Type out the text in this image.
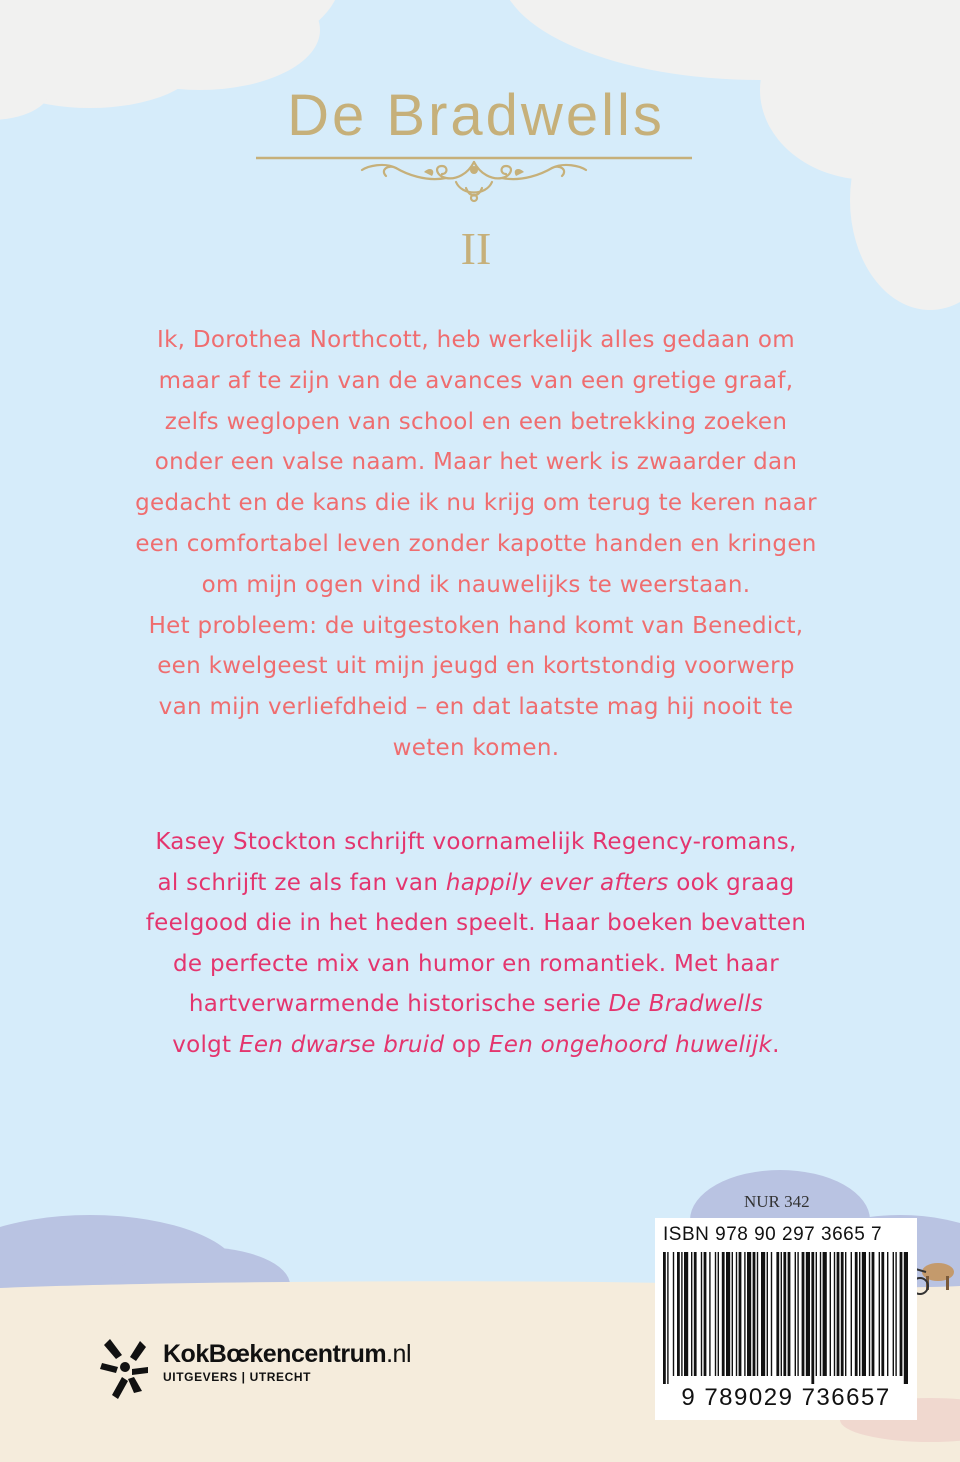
De Bradwells
II

Ik, Dorothea Northcott, heb werkelijk alles gedaan om

maar af te zijn van de avances van een gretige graaf,

zelfs weglopen van school en een betrekking zoeken

onder een valse naam. Maar het werk is zwaarder dan

gedacht en de kans die ik nu krijg om terug te keren naar

een comfortabel leven zonder kapotte handen en kringen

om mijn ogen vind ik nauwelijks te weerstaan.

Het probleem: de uitgestoken hand komt van Benedict,

een kwelgeest uit mijn jeugd en kortstondig voorwerp

van mijn verliefdheid – en dat laatste mag hij nooit te

weten komen.

Kasey Stockton schrijft voornamelijk Regency-romans,
al schrijft ze als fan van happily ever afters ook graag
feelgood die in het heden speelt. Haar boeken bevatten
de perfecte mix van humor en romantiek. Met haar
hartverwarmende historische serie De Bradwells
volgt Een dwarse bruid op Een ongehoord huwelijk.
NUR 342
ISBN 978 90 297 3665 7
9 789029 736657
KokBœkencentrum.nl
UITGEVERS | UTRECHT
